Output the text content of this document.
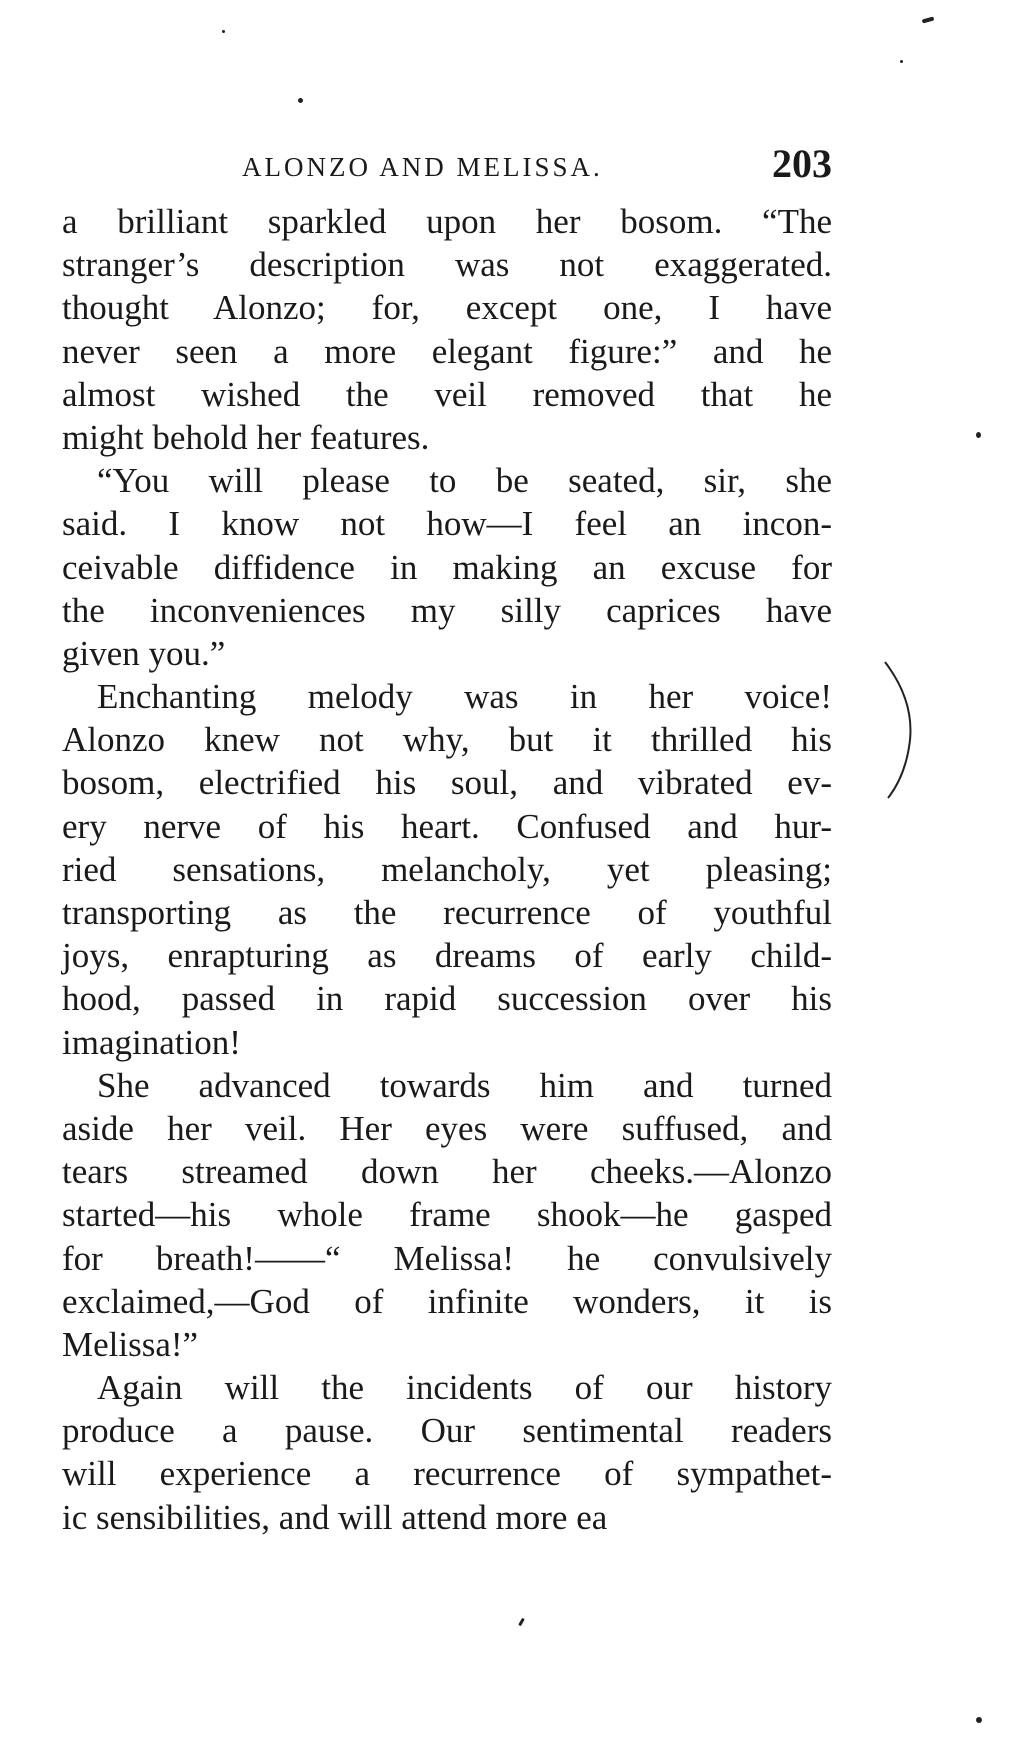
ALONZO AND MELISSA.	203
a brilliant sparkled upon her bosom. “The
stranger’s description was not exaggerated.
thought Alonzo; for, except one, I have
never seen a more elegant figure:” and he
almost wished the veil removed that he
might behold her features.
“You will please to be seated, sir, she
said. I know not how—I feel an incon-
ceivable diffidence in making an excuse for
the inconveniences my silly caprices have
given you.”
Enchanting melody was in her voice!
Alonzo knew not why, but it thrilled his
bosom, electrified his soul, and vibrated ev-
ery nerve of his heart. Confused and hur-
ried sensations, melancholy, yet pleasing;
transporting as the recurrence of youthful
joys, enrapturing as dreams of early child-
hood, passed in rapid succession over his
imagination!
She advanced towards him and turned
aside her veil. Her eyes were suffused, and
tears streamed down her cheeks.—Alonzo
started—his whole frame shook—he gasped
for breath!——“ Melissa! he convulsively
exclaimed,—God of infinite wonders, it is
Melissa!”
Again will the incidents of our history
produce a pause. Our sentimental readers
will experience a recurrence of sympathet-
ic sensibilities, and will attend more ea
